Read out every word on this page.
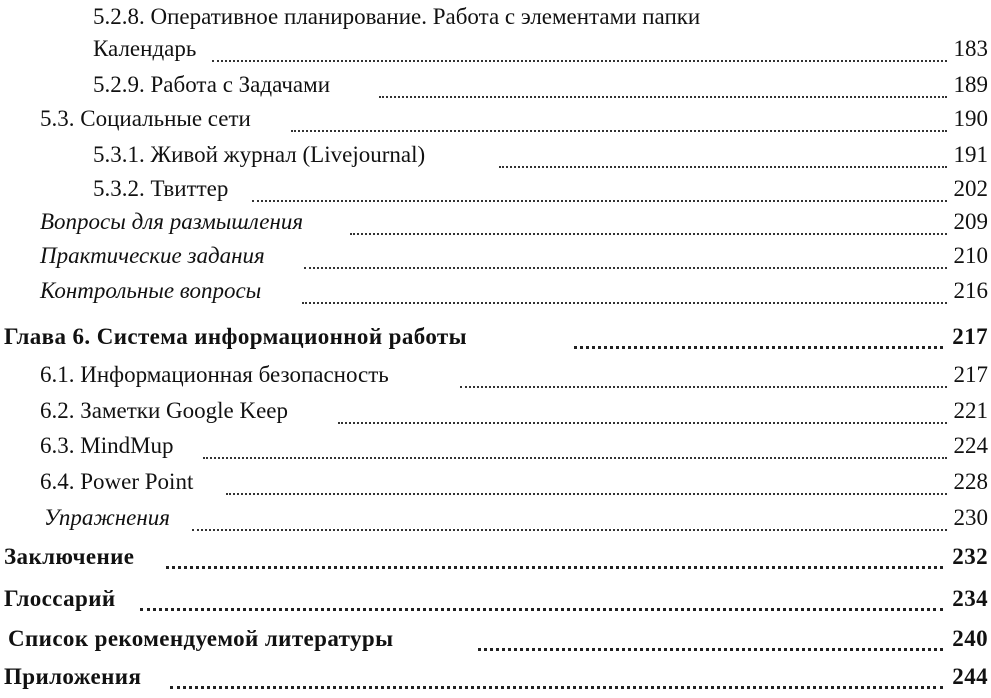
5.2.8. Оперативное планирование. Работа с элементами папки
Календарь	183
5.2.9. Работа с Задачами	189
5.3. Социальные сети	190
5.3.1. Живой журнал (Livejournal)	191
5.3.2. Твиттер	202
Вопросы для размышления	209
Практические задания	210
Контрольные вопросы	216
Глава 6. Система информационной работы	217
6.1. Информационная безопасность	217
6.2. Заметки Google Keep	221
6.3. MindMup	224
6.4. Power Point	228
Упражнения	230
Заключение	232
Глоссарий	234
Список рекомендуемой литературы	240
Приложения	244
